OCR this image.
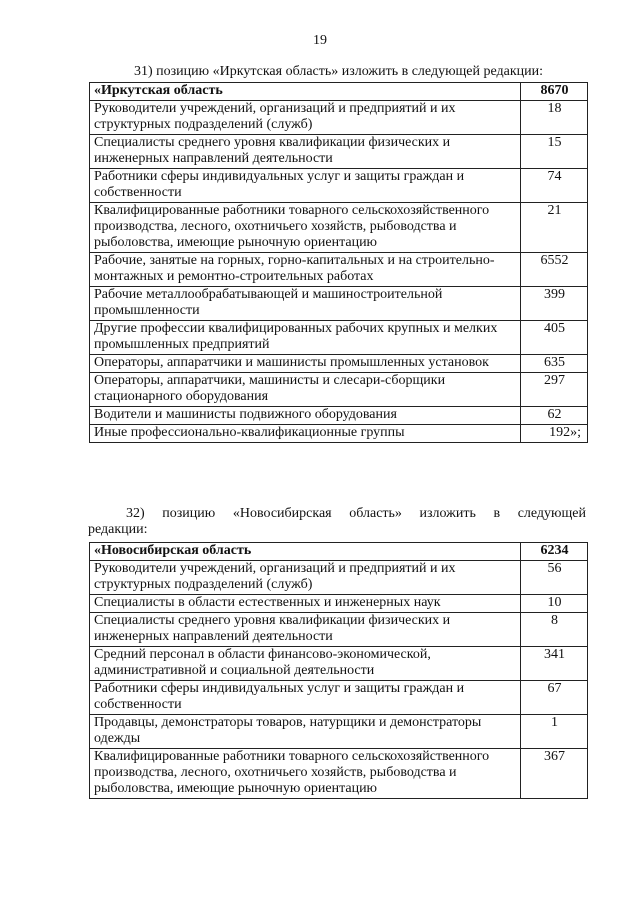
19
31) позицию «Иркутская область» изложить в следующей редакции:
«Иркутская область	8670
Руководители учреждений, организаций и предприятий и их структурных подразделений (служб)	18
Специалисты среднего уровня квалификации физических и инженерных направлений деятельности	15
Работники сферы индивидуальных услуг и защиты граждан и собственности	74
Квалифицированные работники товарного сельскохозяйственного производства, лесного, охотничьего хозяйств, рыбоводства и рыболовства, имеющие рыночную ориентацию	21
Рабочие, занятые на горных, горно-капитальных и на строительно-монтажных и ремонтно-строительных работах	6552
Рабочие металлообрабатывающей и машиностроительной промышленности	399
Другие профессии квалифицированных рабочих крупных и мелких промышленных предприятий	405
Операторы, аппаратчики и машинисты промышленных установок	635
Операторы, аппаратчики, машинисты и слесари-сборщики стационарного оборудования	297
Водители и машинисты подвижного оборудования	62
Иные профессионально-квалификационные группы	192»;
32) позицию «Новосибирская область» изложить в следующей редакции:
«Новосибирская область	6234
Руководители учреждений, организаций и предприятий и их структурных подразделений (служб)	56
Специалисты в области естественных и инженерных наук	10
Специалисты среднего уровня квалификации физических и инженерных направлений деятельности	8
Средний персонал в области финансово-экономической, административной и социальной деятельности	341
Работники сферы индивидуальных услуг и защиты граждан и собственности	67
Продавцы, демонстраторы товаров, натурщики и демонстраторы одежды	1
Квалифицированные работники товарного сельскохозяйственного производства, лесного, охотничьего хозяйств, рыбоводства и рыболовства, имеющие рыночную ориентацию	367
